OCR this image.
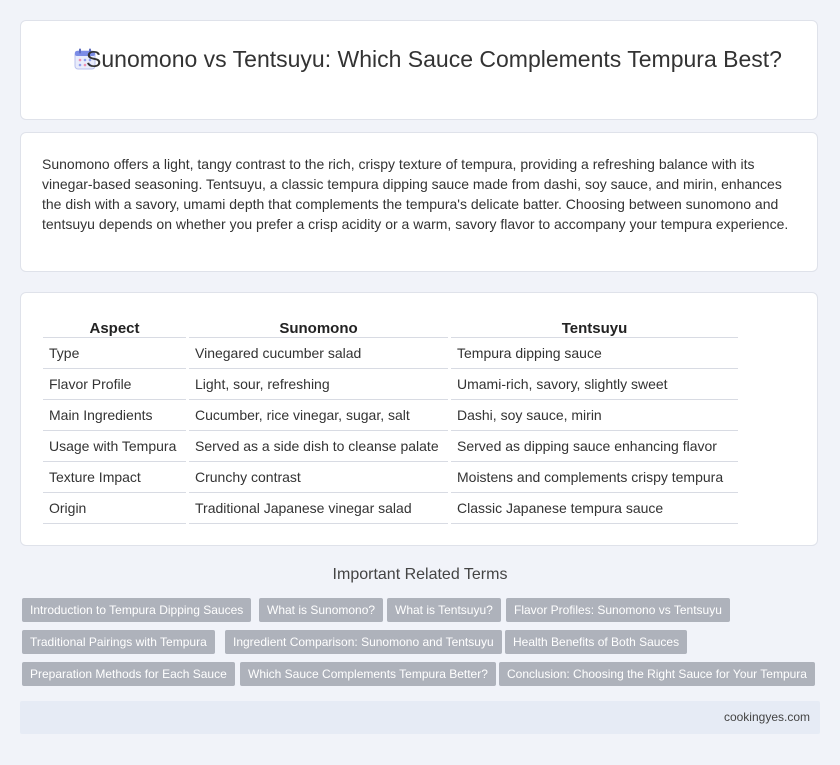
Sunomono vs Tentsuyu: Which Sauce Complements Tempura Best?

Sunomono offers a light, tangy contrast to the rich, crispy texture of tempura, providing a refreshing balance with its vinegar-based seasoning. Tentsuyu, a classic tempura dipping sauce made from dashi, soy sauce, and mirin, enhances the dish with a savory, umami depth that complements the tempura's delicate batter. Choosing between sunomono and tentsuyu depends on whether you prefer a crisp acidity or a warm, savory flavor to accompany your tempura experience.

Aspect		Sunomono		Tentsuyu
Type		Vinegared cucumber salad		Tempura dipping sauce
Flavor Profile		Light, sour, refreshing		Umami-rich, savory, slightly sweet
Main Ingredients		Cucumber, rice vinegar, sugar, salt		Dashi, soy sauce, mirin
Usage with Tempura		Served as a side dish to cleanse palate		Served as dipping sauce enhancing flavor
Texture Impact		Crunchy contrast		Moistens and complements crispy tempura
Origin		Traditional Japanese vinegar salad		Classic Japanese tempura sauce
Important Related Terms
Introduction to Tempura Dipping Sauces	What is Sunomono?	What is Tentsuyu?	Flavor Profiles: Sunomono vs Tentsuyu
Traditional Pairings with Tempura	Ingredient Comparison: Sunomono and Tentsuyu	Health Benefits of Both Sauces
Preparation Methods for Each Sauce	Which Sauce Complements Tempura Better?	Conclusion: Choosing the Right Sauce for Your Tempura
cookingyes.com
